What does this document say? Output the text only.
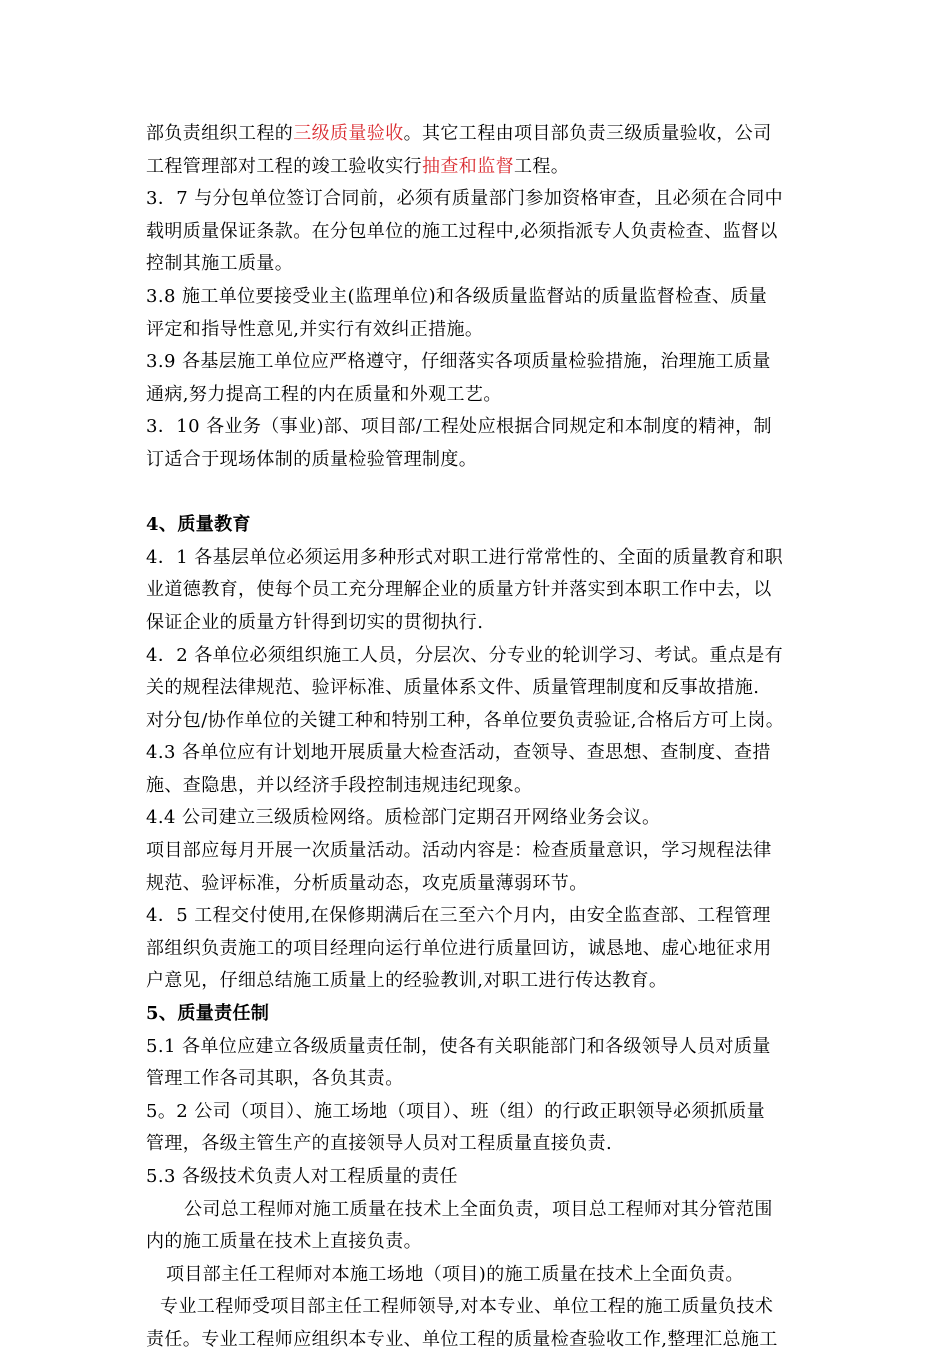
部负责组织工程的三级质量验收。其它工程由项目部负责三级质量验收，公司
工程管理部对工程的竣工验收实行抽查和监督工程。
3．7 与分包单位签订合同前，必须有质量部门参加资格审查，且必须在合同中
载明质量保证条款。在分包单位的施工过程中,必须指派专人负责检查、监督以
控制其施工质量。
3.8 施工单位要接受业主(监理单位)和各级质量监督站的质量监督检查、质量
评定和指导性意见,并实行有效纠正措施。
3.9 各基层施工单位应严格遵守，仔细落实各项质量检验措施，治理施工质量
通病,努力提高工程的内在质量和外观工艺。
3．10 各业务（事业)部、项目部/工程处应根据合同规定和本制度的精神，制
订适合于现场体制的质量检验管理制度。
4、质量教育
4．1 各基层单位必须运用多种形式对职工进行常常性的、全面的质量教育和职
业道德教育，使每个员工充分理解企业的质量方针并落实到本职工作中去，以
保证企业的质量方针得到切实的贯彻执行.
4．2 各单位必须组织施工人员，分层次、分专业的轮训学习、考试。重点是有
关的规程法律规范、验评标准、质量体系文件、质量管理制度和反事故措施.
对分包/协作单位的关键工种和特别工种，各单位要负责验证,合格后方可上岗。
4.3 各单位应有计划地开展质量大检查活动，查领导、查思想、查制度、查措
施、查隐患，并以经济手段控制违规违纪现象。
4.4 公司建立三级质检网络。质检部门定期召开网络业务会议。
项目部应每月开展一次质量活动。活动内容是：检查质量意识，学习规程法律
规范、验评标准，分析质量动态，攻克质量薄弱环节。
4．5 工程交付使用,在保修期满后在三至六个月内，由安全监查部、工程管理
部组织负责施工的项目经理向运行单位进行质量回访，诚恳地、虚心地征求用
户意见，仔细总结施工质量上的经验教训,对职工进行传达教育。
5、质量责任制
5.1 各单位应建立各级质量责任制，使各有关职能部门和各级领导人员对质量
管理工作各司其职，各负其责。
5。2 公司（项目）、施工场地（项目）、班（组）的行政正职领导必须抓质量
管理，各级主管生产的直接领导人员对工程质量直接负责.
5.3 各级技术负责人对工程质量的责任
公司总工程师对施工质量在技术上全面负责，项目总工程师对其分管范围
内的施工质量在技术上直接负责。
项目部主任工程师对本施工场地（项目)的施工质量在技术上全面负责。
专业工程师受项目部主任工程师领导,对本专业、单位工程的施工质量负技术
责任。专业工程师应组织本专业、单位工程的质量检查验收工作,整理汇总施工
